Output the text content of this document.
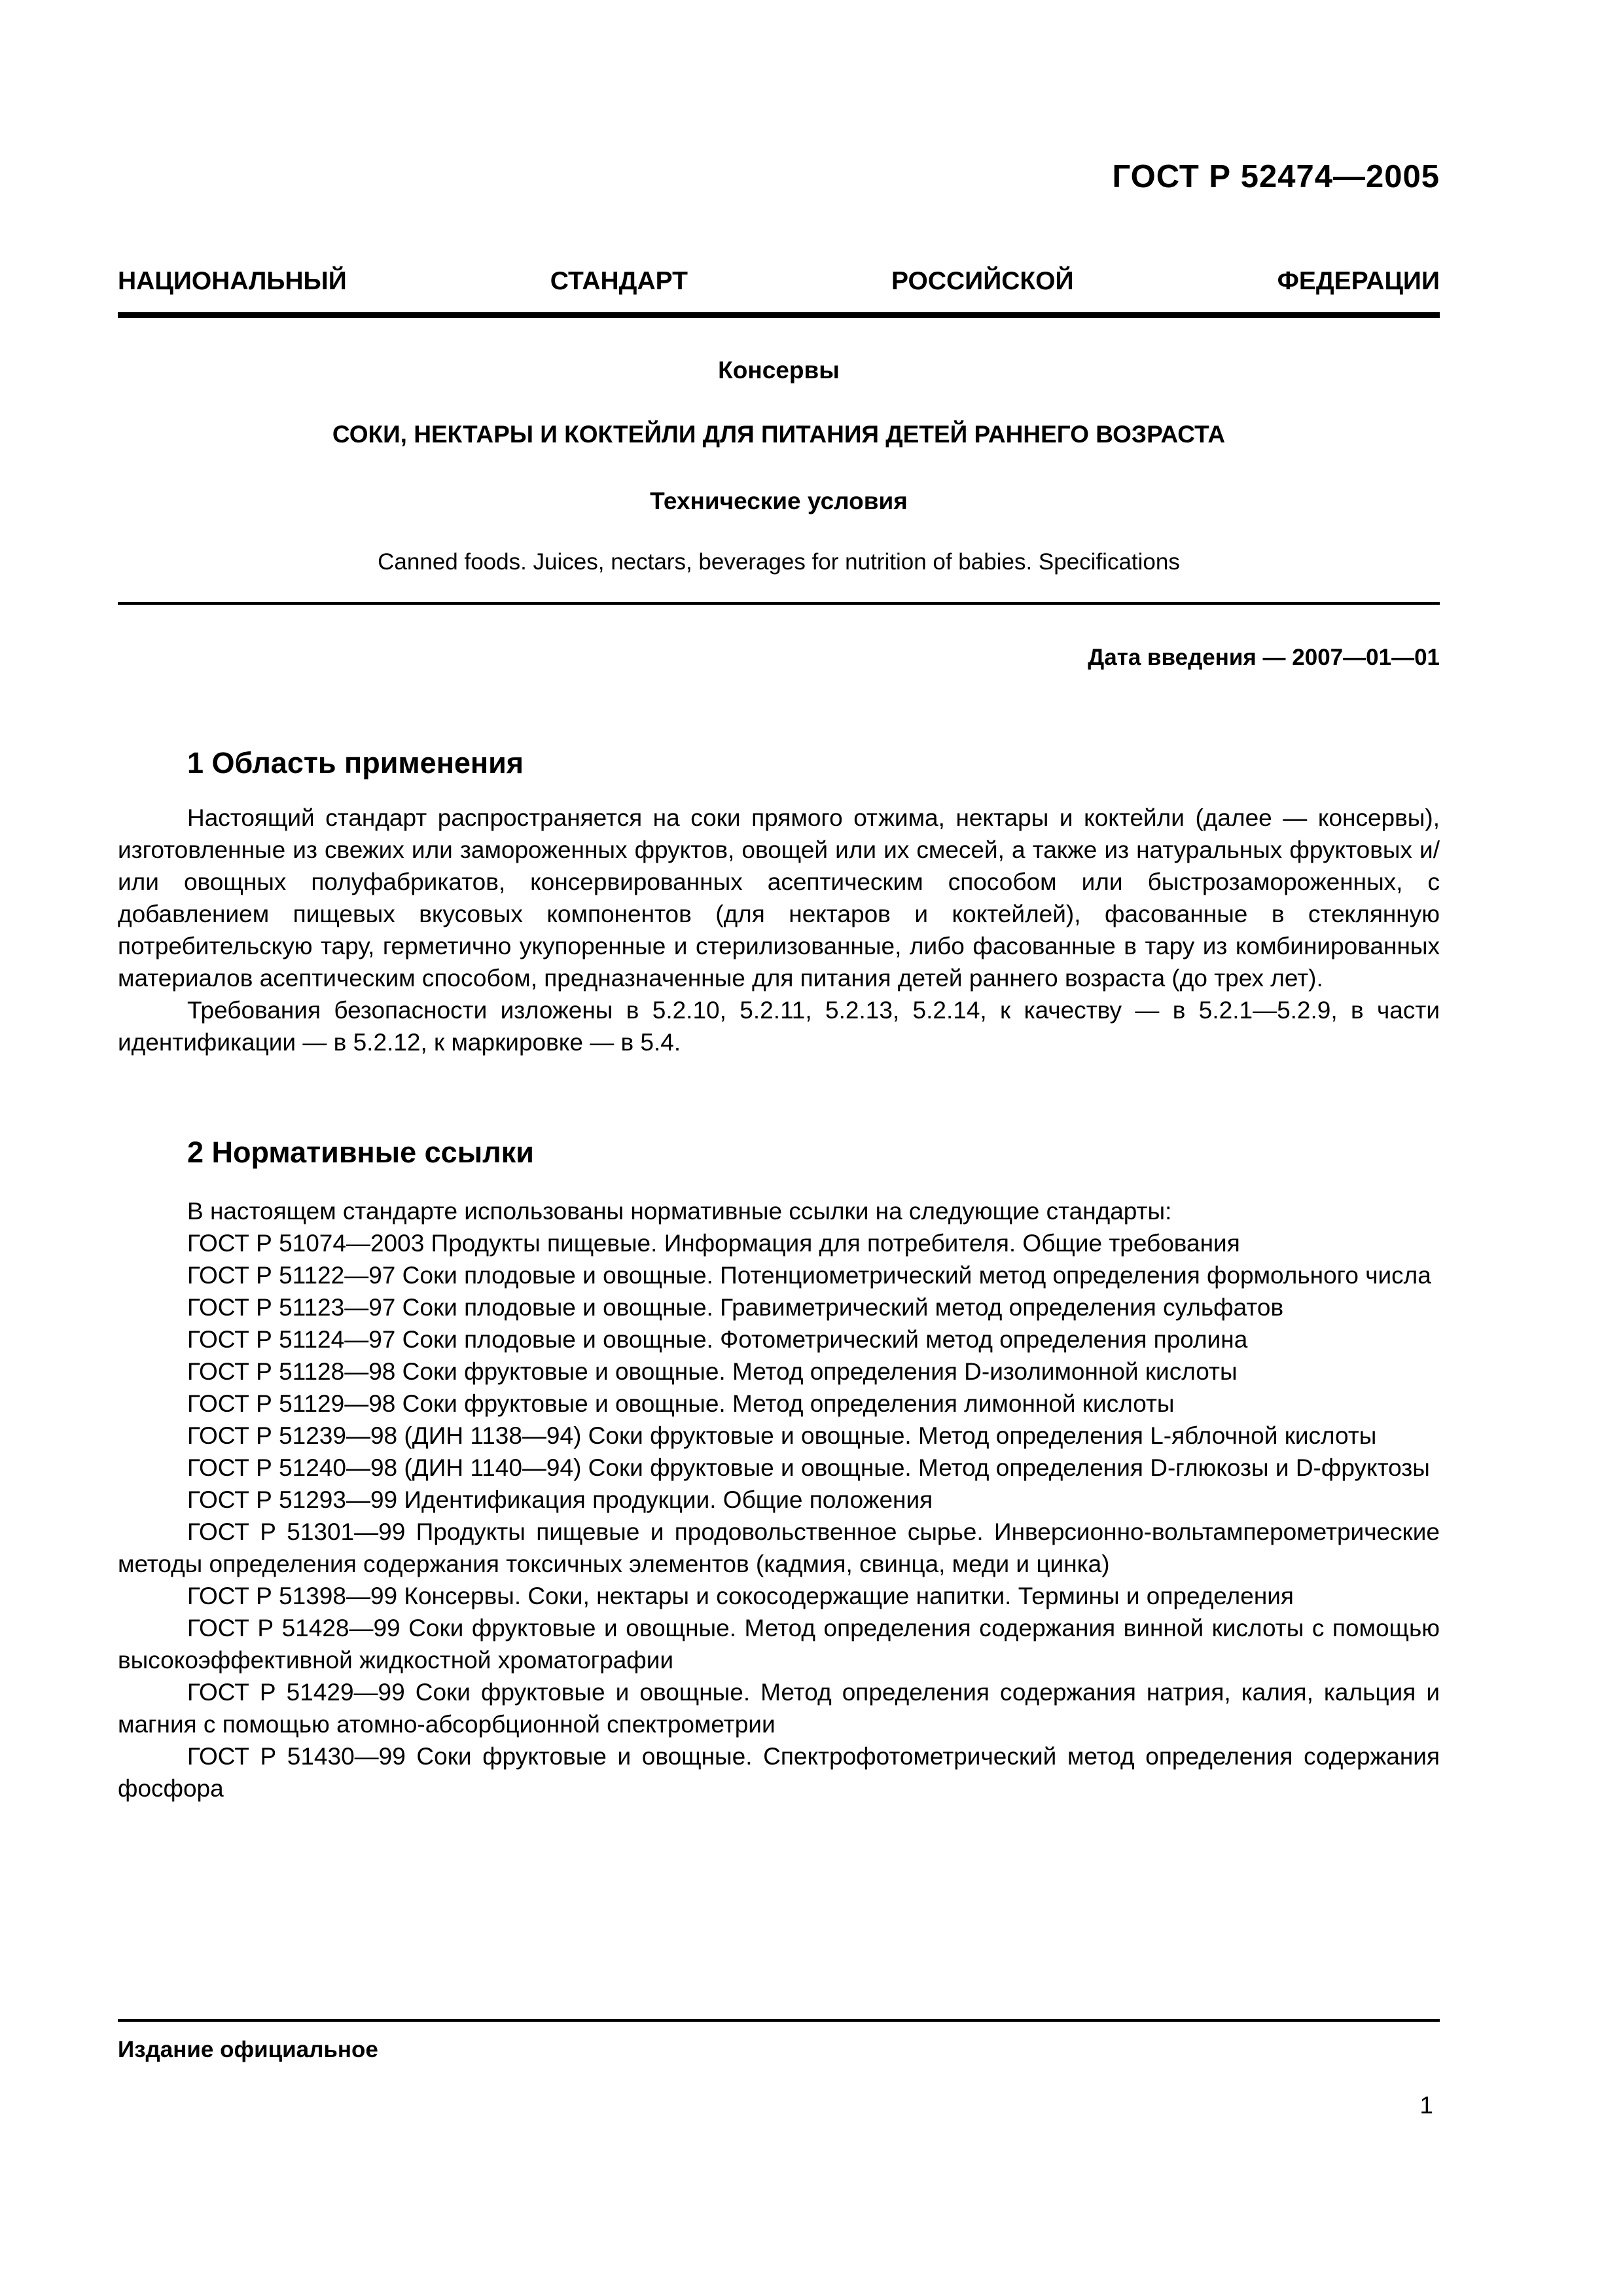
ГОСТ Р 52474—2005
НАЦИОНАЛЬНЫЙ	СТАНДАРТ	РОССИЙСКОЙ	ФЕДЕРАЦИИ
Консервы
СОКИ, НЕКТАРЫ И КОКТЕЙЛИ ДЛЯ ПИТАНИЯ ДЕТЕЙ РАННЕГО ВОЗРАСТА
Технические условия
Canned foods. Juices, nectars, beverages for nutrition of babies. Specifications
Дата введения — 2007—01—01
1 Область применения

Настоящий стандарт распространяется на соки прямого отжима, нектары и коктейли (далее — консервы), изготовленные из свежих или замороженных фруктов, овощей или их смесей, а также из натуральных фруктовых и/или овощных полуфабрикатов, консервированных асептическим способом или быстрозамороженных, с добавлением пищевых вкусовых компонентов (для нектаров и коктейлей), фасованные в стеклянную потребительскую тару, герметично укупоренные и стерилизованные, либо фасованные в тару из комбинированных материалов асептическим способом, предназначенные для питания детей раннего возраста (до трех лет).

Требования безопасности изложены в 5.2.10, 5.2.11, 5.2.13, 5.2.14, к качеству — в 5.2.1—5.2.9, в части идентификации — в 5.2.12, к маркировке — в 5.4.

2 Нормативные ссылки

В настоящем стандарте использованы нормативные ссылки на следующие стандарты:

ГОСТ Р 51074—2003 Продукты пищевые. Информация для потребителя. Общие требования

ГОСТ Р 51122—97 Соки плодовые и овощные. Потенциометрический метод определения формольного числа

ГОСТ Р 51123—97 Соки плодовые и овощные. Гравиметрический метод определения сульфатов

ГОСТ Р 51124—97 Соки плодовые и овощные. Фотометрический метод определения пролина

ГОСТ Р 51128—98 Соки фруктовые и овощные. Метод определения D-изолимонной кислоты

ГОСТ Р 51129—98 Соки фруктовые и овощные. Метод определения лимонной кислоты

ГОСТ Р 51239—98 (ДИН 1138—94) Соки фруктовые и овощные. Метод определения L-яблочной кислоты

ГОСТ Р 51240—98 (ДИН 1140—94) Соки фруктовые и овощные. Метод определения D-глюкозы и D-фруктозы

ГОСТ Р 51293—99 Идентификация продукции. Общие положения

ГОСТ Р 51301—99 Продукты пищевые и продовольственное сырье. Инверсионно-вольтамперометрические методы определения содержания токсичных элементов (кадмия, свинца, меди и цинка)

ГОСТ Р 51398—99 Консервы. Соки, нектары и сокосодержащие напитки. Термины и определения

ГОСТ Р 51428—99 Соки фруктовые и овощные. Метод определения содержания винной кислоты с помощью высокоэффективной жидкостной хроматографии

ГОСТ Р 51429—99 Соки фруктовые и овощные. Метод определения содержания натрия, калия, кальция и магния с помощью атомно-абсорбционной спектрометрии

ГОСТ Р 51430—99 Соки фруктовые и овощные. Спектрофотометрический метод определения содержания фосфора

Издание официальное
1
